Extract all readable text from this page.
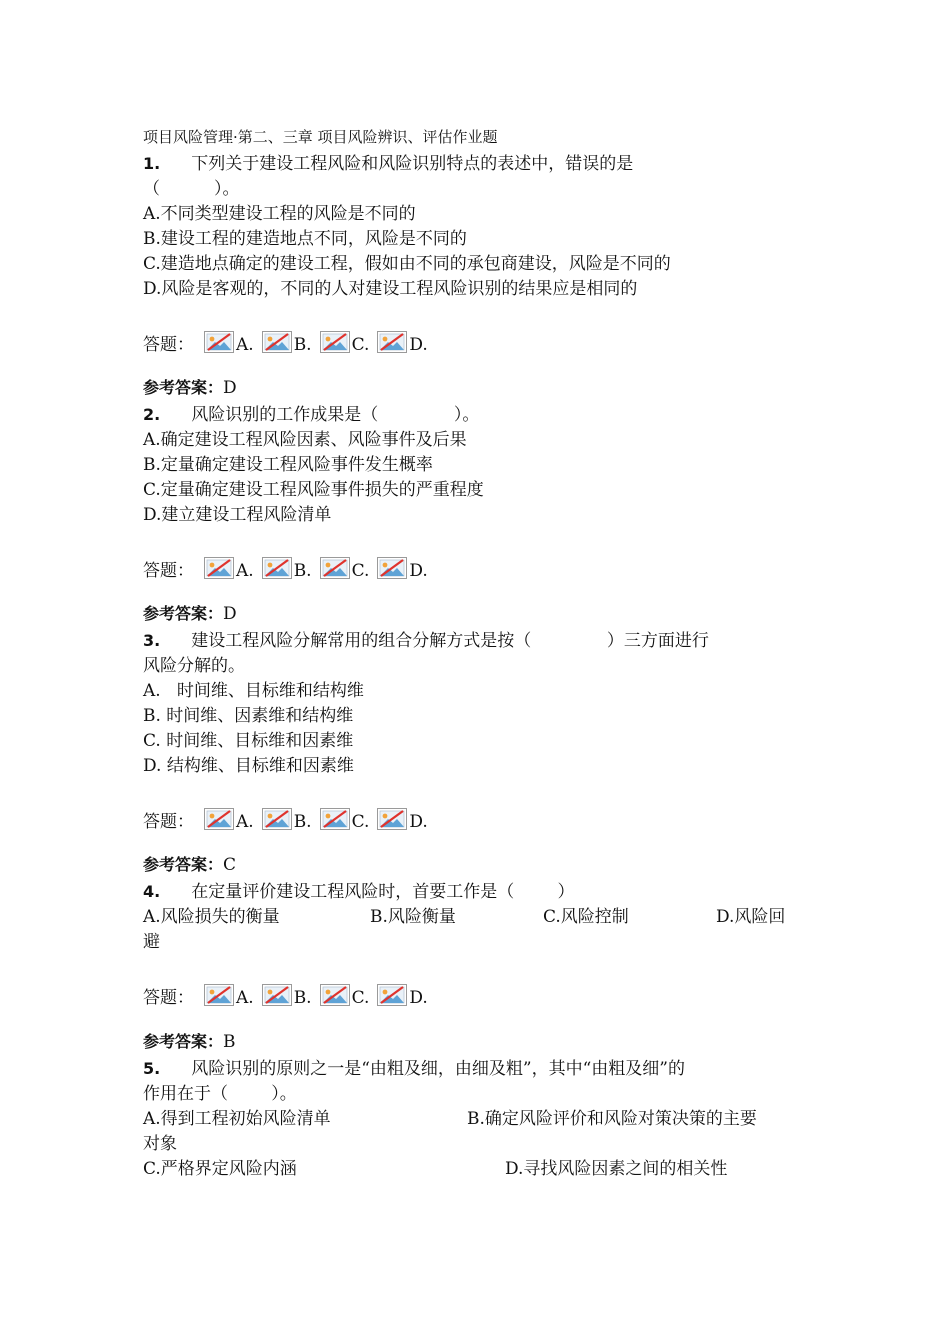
项目风险管理·第二、三章 项目风险辨识、评估作业题
1. 下列关于建设工程风险和风险识别特点的表述中，错误的是
（          ）。
A.不同类型建设工程的风险是不同的
B.建设工程的建造地点不同，风险是不同的
C.建造地点确定的建设工程，假如由不同的承包商建设，风险是不同的
D.风险是客观的，不同的人对建设工程风险识别的结果应是相同的
答题： A. B. C. D.
参考答案：D
2. 风险识别的工作成果是（              ）。
A.确定建设工程风险因素、风险事件及后果
B.定量确定建设工程风险事件发生概率
C.定量确定建设工程风险事件损失的严重程度
D.建立建设工程风险清单
答题： A. B. C. D.
参考答案：D
3. 建设工程风险分解常用的组合分解方式是按（              ）三方面进行
风险分解的。
A.   时间维、目标维和结构维
B. 时间维、因素维和结构维
C. 时间维、目标维和因素维
D. 结构维、目标维和因素维
答题： A. B. C. D.
参考答案：C
4. 在定量评价建设工程风险时，首要工作是（        ）
A.风险损失的衡量	B.风险衡量	C.风险控制	D.风险回
避
答题： A. B. C. D.
参考答案：B
5. 风险识别的原则之一是“由粗及细，由细及粗”，其中“由粗及细”的
作用在于（        ）。
A.得到工程初始风险清单	B.确定风险评价和风险对策决策的主要
对象
C.严格界定风险内涵	D.寻找风险因素之间的相关性
